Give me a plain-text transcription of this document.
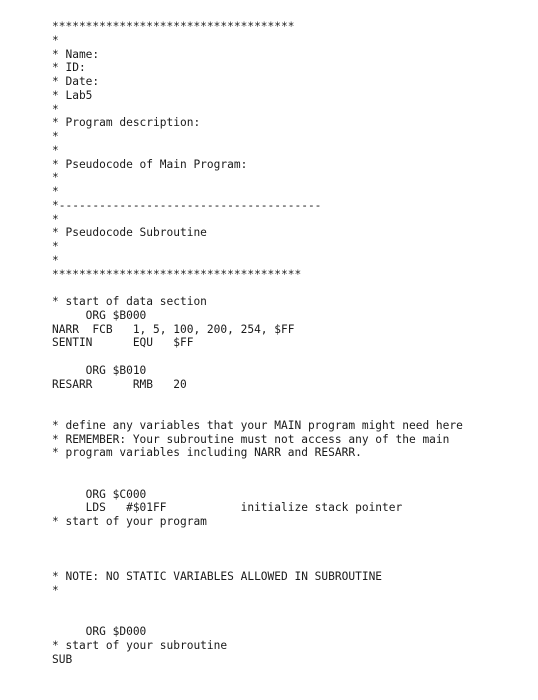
************************************
*
* Name:
* ID:
* Date:
* Lab5
*
* Program description:
*
*
* Pseudocode of Main Program:
*
*
*---------------------------------------
*
* Pseudocode Subroutine
*
*
*************************************
* start of data section
ORG $B000
NARR  FCB   1, 5, 100, 200, 254, $FF
SENTIN      EQU   $FF
ORG $B010
RESARR      RMB   20
* define any variables that your MAIN program might need here
* REMEMBER: Your subroutine must not access any of the main
* program variables including NARR and RESARR.
ORG $C000
LDS   #$01FF           initialize stack pointer
* start of your program
* NOTE: NO STATIC VARIABLES ALLOWED IN SUBROUTINE
*
ORG $D000
* start of your subroutine
SUB
